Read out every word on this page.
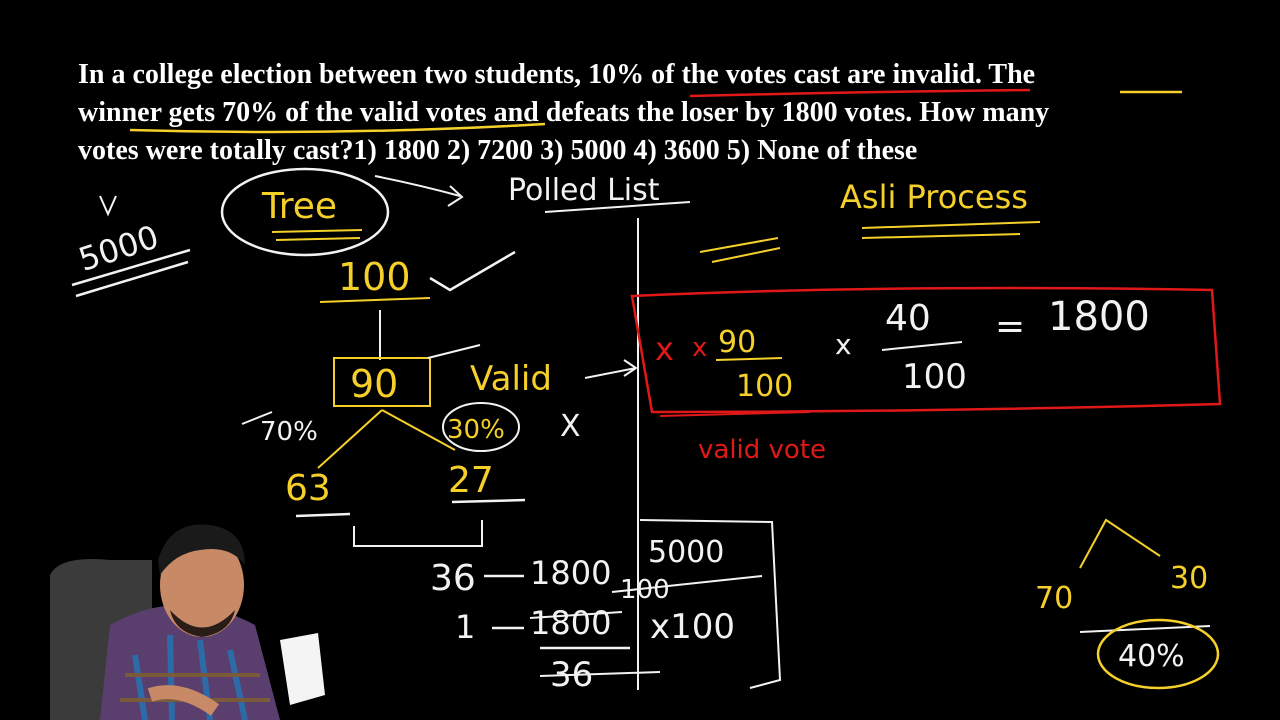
In a college election between two students, 10% of the votes cast are invalid. The
winner gets 70% of the valid votes and defeats the loser by 1800 votes. How many
votes were totally cast?1) 1800 2) 7200 3) 5000 4) 3600 5) None of these
5000
Tree	Polled List	Asli Process
100
90 Valid
70%	30% X
63	27
x x 90
100
x
40
100
= 1800
valid vote
36 1800
5000
100
1 1800 x100
36
70
30
40%
